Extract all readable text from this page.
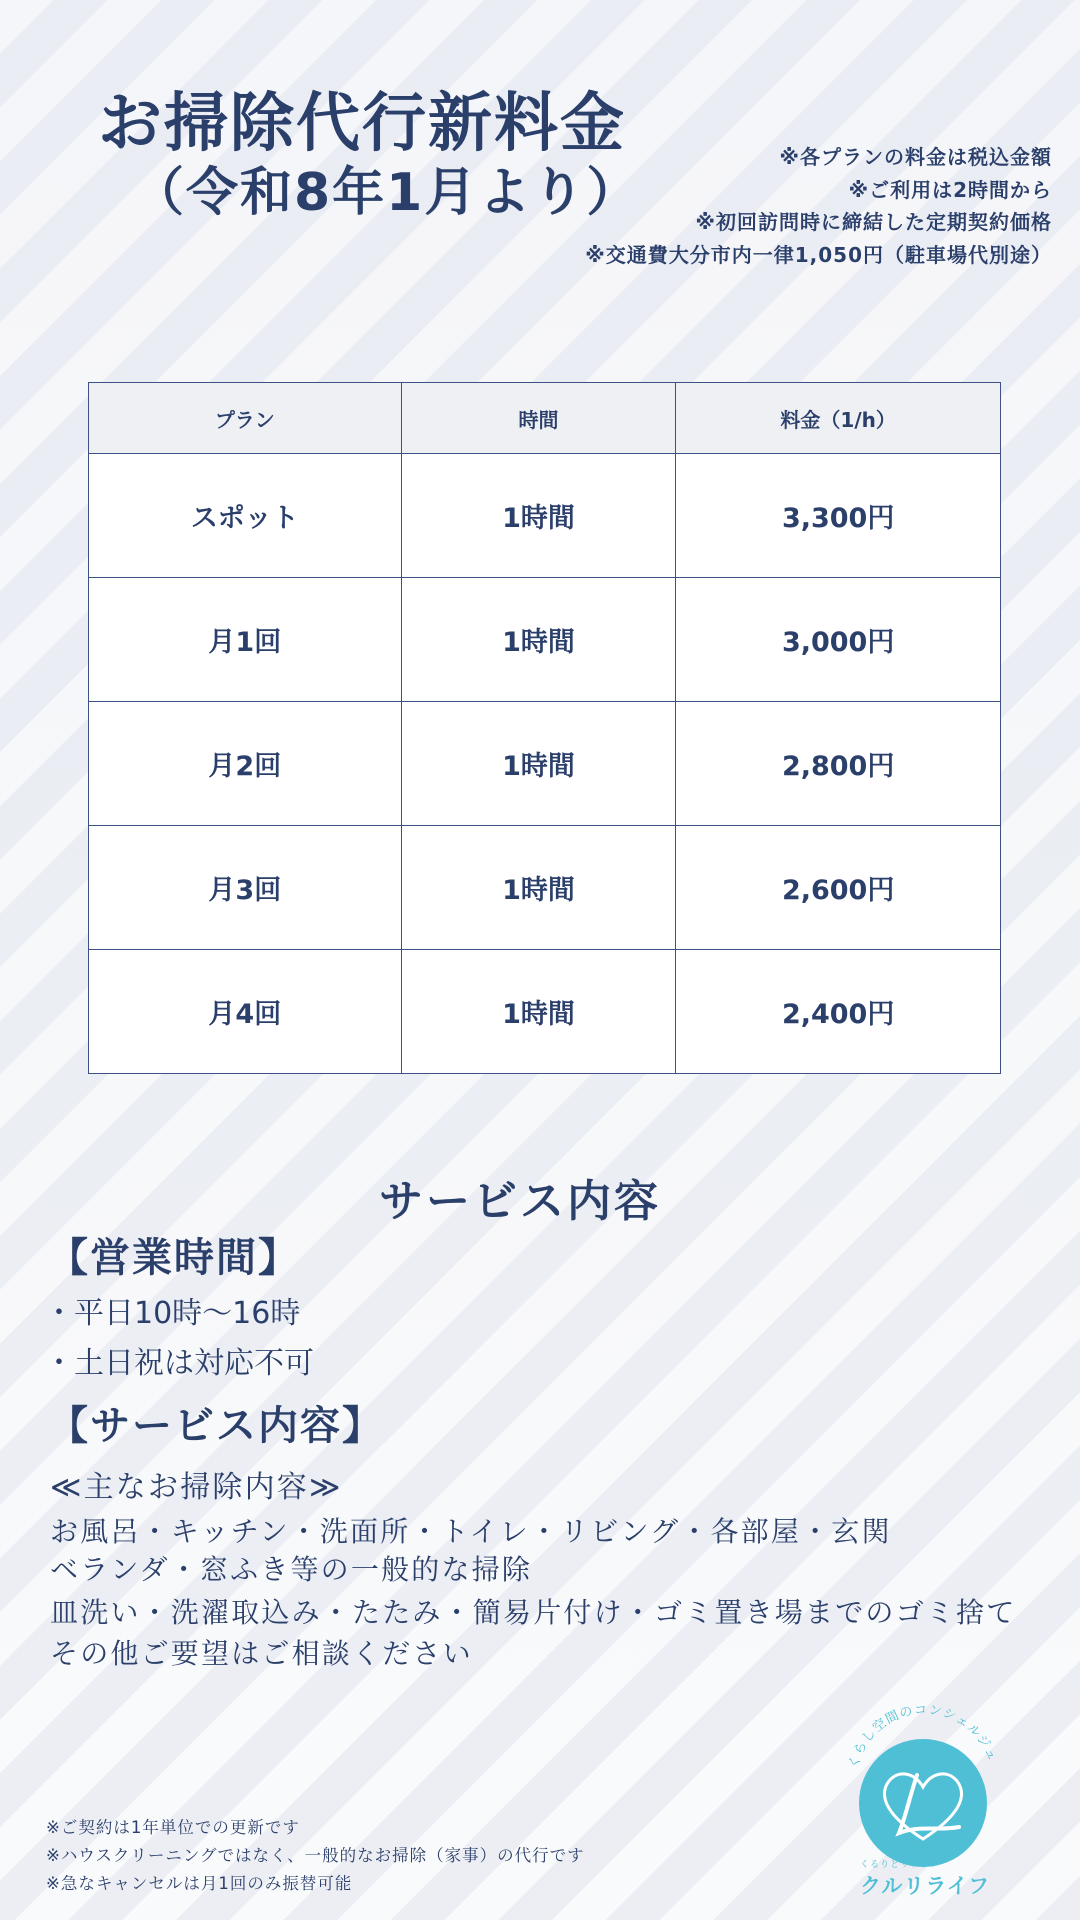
お掃除代行新料金
（令和8年1月より）
※各プランの料金は税込金額
※ご利用は2時間から
※初回訪問時に締結した定期契約価格
※交通費大分市内一律1,050円（駐車場代別途）
プラン	時間	料金（1/h）
スポット	1時間	3,300円
月1回	1時間	3,000円
月2回	1時間	2,800円
月3回	1時間	2,600円
月4回	1時間	2,400円
サービス内容
【営業時間】
・平日10時〜16時
・土日祝は対応不可
【サービス内容】
≪主なお掃除内容≫
お風呂・キッチン・洗面所・トイレ・リビング・各部屋・玄関
ベランダ・窓ふき等の一般的な掃除
皿洗い・洗濯取込み・たたみ・簡易片付け・ゴミ置き場までのゴミ捨て
その他ご要望はご相談ください
※ご契約は1年単位での更新です
※ハウスクリーニングではなく、一般的なお掃除（家事）の代行です
※急なキャンセルは月1回のみ振替可能
くらし空間のコンシェルジュ
くるりとリライフ
クルリライフ
